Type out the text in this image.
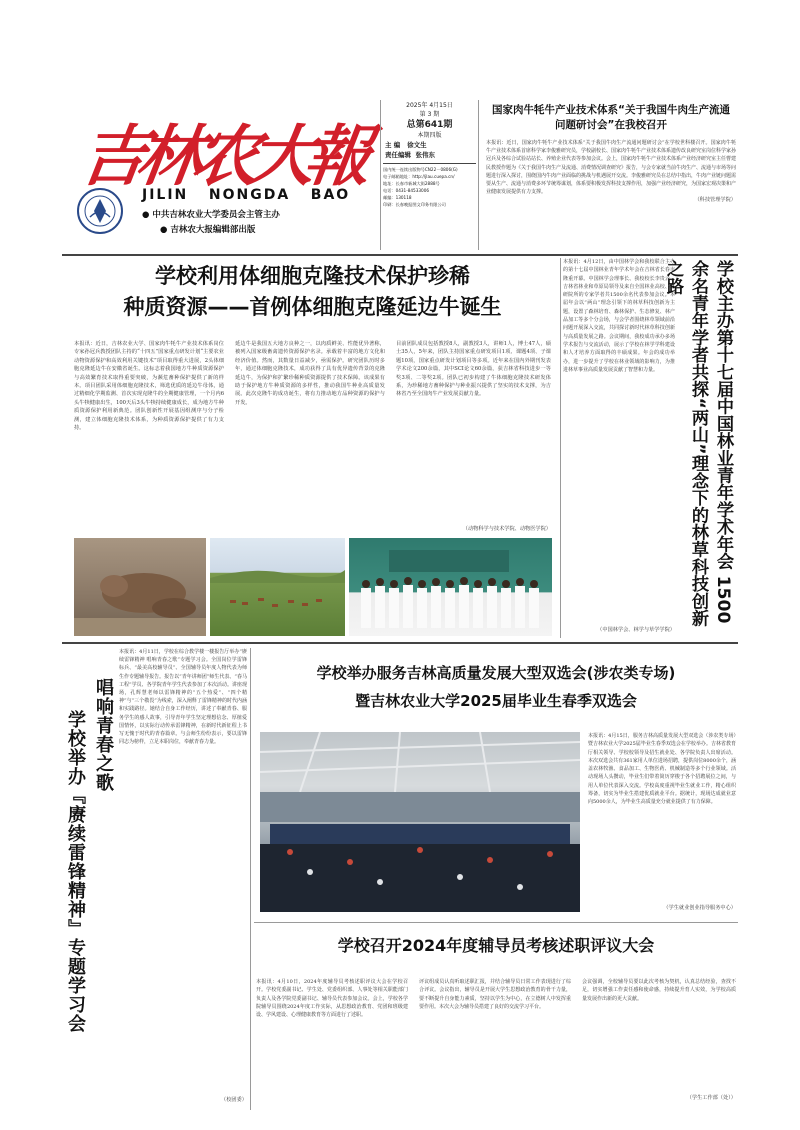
吉
林
农
大
報
JILIN   NONGDA   BAO
● 中共吉林农业大学委员会主管主办
● 吉林农大报编辑部出版
2025年 4月15日
第 3 期
总第641期
本期四版
主 编 徐文生
责任编辑 张伟东
国内统一连续出版物号CN22－0806(G)
电子邮箱地址：http://jlau.cuepa.cn/
地址：长春市新城大街2888号
电话：0431-84533006
邮编：130118
印刷：长春晚报图文印务有限公司
国家肉牛牦牛产业技术体系“关于我国牛肉生产流通问题研讨会”在我校召开
本报讯：近日，国家肉牛牦牛产业技术体系“关于我国牛肉生产流通问题研讨会”在学校世科楼召开。国家肉牛牦牛产业技术体系首席科学家李俊雅研究员，学校副校长、国家肉牛牦牛产业技术体系遗传改良研究室岗位科学家孙冠兵及各综合试验站站长、养殖企业代表等参加会议。会上，国家肉牛牦牛产业技术体系产业经济研究室主任曹建民教授作题为《关于我国牛肉生产及流通、消费情况调查研究》报告，与会专家就当前牛肉生产、流通与市场等问题进行深入探讨，围绕国内牛肉产业面临的挑战与机遇展开交流。李俊雅研究员在总结中指出，牛肉产业链问题需要从生产、流通与消费多环节统筹谋划，体系要积极发挥科技支撑作用，加强产业经济研究，为国家宏观决策和产业健康发展提供有力支撑。
（科技管理学院）
学校利用体细胞克隆技术保护珍稀
种质资源——首例体细胞克隆延边牛诞生
本报讯：近日，吉林农业大学、国家肉牛牦牛产业技术体系岗位专家孙冠兵教授团队主持的“十四五”国家重点研发计划“主要农业动物资源保护和高效利用关键技术”项目取得重大进展，2头体细胞克隆延边牛在安徽省诞生。这标志着我国地方牛种质资源保护与高效繁育技术取得重要突破，为濒危畜种保护提供了新的样本。项目团队采用体细胞克隆技术，筛选优质的延边牛母体，通过精细化学期监测、首次实现克隆牛的全期健康管理，一个月内6头牛犊健康出生，100天后3头牛犊持续健康成长，成为地方牛种质资源保护利用新典范。团队创新性开展基因组测序与分子检测，建立体细胞克隆技术体系，为种质资源保护提供了有力支持。
延边牛是我国五大地方良种之一，以肉质鲜美、性能优异著称，被列入国家级畜禽遗传资源保护名录。承载着丰富的地方文化和经济价值。然而，其数量日益减少，亟需保护。研究团队历时多年，通过体细胞克隆技术，成功获得了具有优异遗传背景的克隆延边牛，为保护和扩繁珍稀种质资源提供了技术保障。该成果有助于保护地方牛种质资源的多样性，推动我国牛种业高质量发展。此次克隆牛的成功诞生，将有力推动地方品种资源的保护与开发。
目前团队成员包括教授8人，副教授3人，讲师1人，博士47人，硕士35人，5年来，团队主持国家重点研发项目1项、课题4项、子课题10项，国家重点研发计划项目等多项。近年来在国内外期刊发表学术论文200余篇，其中SCI论文60余篇，获吉林省科技进步一等奖3项、二等奖2项。团队已初步构建了牛体细胞克隆技术研发体系，为珍稀地方畜种保护与种业振兴提供了坚实的技术支撑，为吉林省乃至全国肉牛产业发展贡献力量。
（动物科学与技术学院、动物医学院）
本报讯：4月12日，由中国林学会和我校联合主办的第十七届中国林业青年学术年会在吉林省长春市隆重开幕。中国林学会理事长、我校校长李贵云、吉林省林业和草原局领导及来自全国林业高校、科研院所的专家学者共1500余名代表参加会议。本届年会以“两山”理念引领下的林草科技创新为主题，设置了森林培育、森林保护、生态修复、林产品加工等多个分会场，与会学者围绕林草领域前沿问题开展深入交流，共同探讨新时代林草科技创新与高质量发展之路。会议期间，我校成功承办多场学术报告与交流活动，展示了学校在林学学科建设和人才培养方面取得的丰硕成果。年会的成功举办，进一步提升了学校在林业领域的影响力，为推进林草事业高质量发展贡献了智慧和力量。
（中国林学会、林学与草学学院）
学校主办第十七届中国林业青年学术年会 1500余名青年学者共探“两山”理念下的林草科技创新之路
学校举办『赓续雷锋精神』专题学习会 唱响青春之歌
本报讯：4月11日，学校在综合教学楼一楼报告厅举办“赓续雷锋精神 唱响青春之歌”专题学习会。全国岗位学雷锋标兵、“最美高校辅导员”、全国辅导员年度人物代表为师生作专题辅导报告。报告以“青年讲师团”师生代表、“春马工程”学员、各学院青年学生代表参加了本次活动。讲座现场，孔辉慧老师以雷锋精神的“五个热爱”、“四个精神”与“三个敬畏”为线索，深入阐释了雷锋精神的时代内涵和实践路径。她结合自身工作经历，讲述了奉献青春、服务学生的感人故事，引导青年学生坚定理想信念、厚植爱国情怀，以实际行动传承雷锋精神，在新时代新征程上书写无愧于时代的青春篇章。与会师生纷纷表示，要以雷锋同志为榜样，立足本职岗位，奉献青春力量。
（校团委）
学校举办服务吉林高质量发展大型双选会(涉农类专场)
暨吉林农业大学2025届毕业生春季双选会
本报讯：4月15日，服务吉林高质量发展大型双选会（涉农类专场）暨吉林农业大学2025届毕业生春季双选会在学校举办。吉林省教育厅相关领导、学校校领导及招生就业处、各学院负责人出席活动。本次双选会共有361家用人单位进场招聘，提供岗位8000余个，涵盖农林牧渔、食品加工、生物医药、机械制造等多个行业领域。活动现场人头攒动，毕业生们带着简历穿梭于各个招聘展位之间，与用人单位代表深入交流。学校高度重视毕业生就业工作，精心组织筹备，切实为毕业生搭建优质就业平台。据统计，现场达成就业意向5000余人，为毕业生高质量充分就业提供了有力保障。
（学生就业创业指导服务中心）
学校召开2024年度辅导员考核述职评议大会
本报讯：4月10日，2024年度辅导员考核述职评议大会在学校召开。学校党委副书记、学生处、党委组织部、人事处等相关职能部门负责人及各学院党委副书记、辅导员代表参加会议。会上，学校各学院辅导员围绕2024年度工作实际，从思想政治教育、党团和班级建设、学风建设、心理健康教育等方面进行了述职。
评议组成员认真听取述职汇报，并结合辅导员日常工作表现进行了综合评议。会议指出，辅导员是开展大学生思想政治教育的骨干力量，要不断提升自身能力素质，坚持以学生为中心，在立德树人中发挥重要作用。本次大会为辅导员搭建了良好的交流学习平台。
会议强调，全校辅导员要以此次考核为契机，认真总结经验，查找不足，切实增强工作责任感和使命感，持续提升育人实效，为学校高质量发展作出新的更大贡献。
（学生工作部（处））
